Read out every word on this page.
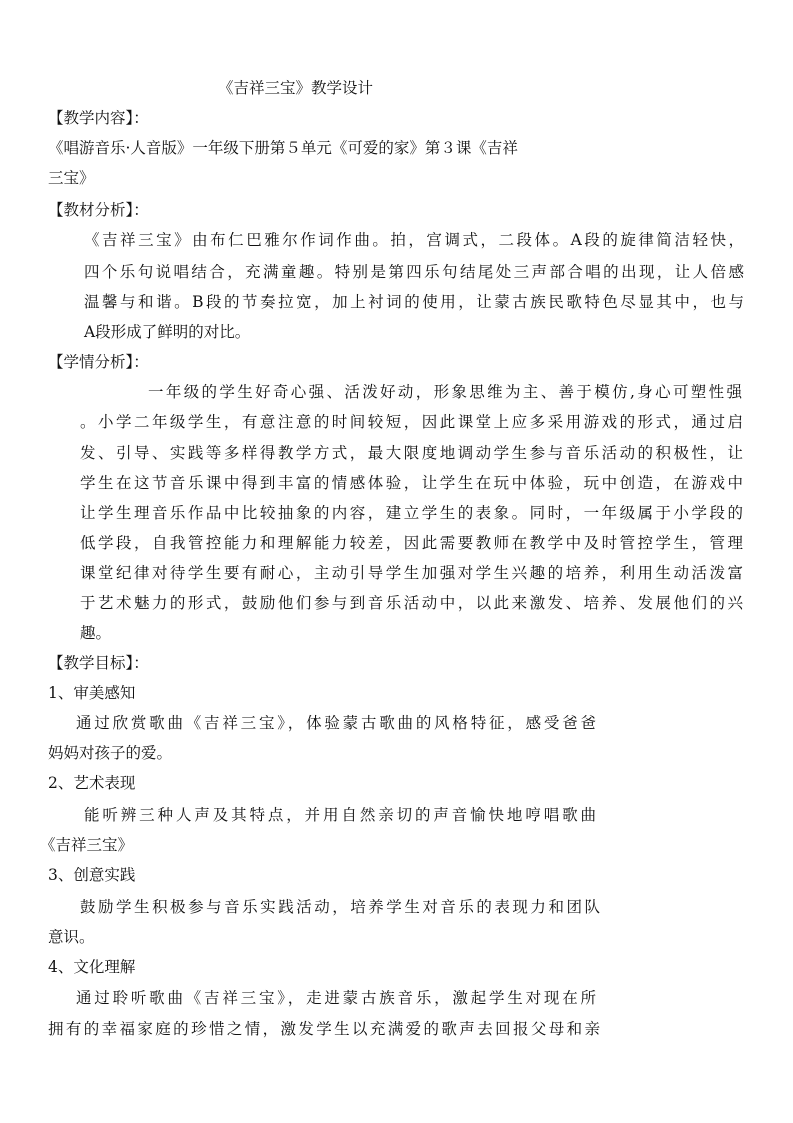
《吉祥三宝》教学设计
【教学内容】：
《唱游音乐·人音版》一年级下册第５单元《可爱的家》第３课《吉祥
三宝》
【教材分析】：
《吉祥三宝》由布仁巴雅尔作词作曲。拍，宫调式，二段体。A段的旋律简洁轻快，
四个乐句说唱结合，充满童趣。特别是第四乐句结尾处三声部合唱的出现，让人倍感
温馨与和谐。B段的节奏拉宽，加上衬词的使用，让蒙古族民歌特色尽显其中，也与
A段形成了鲜明的对比。
【学情分析】：
一年级的学生好奇心强、活泼好动，形象思维为主、善于模仿,身心可塑性强
。小学二年级学生，有意注意的时间较短，因此课堂上应多采用游戏的形式，通过启
发、引导、实践等多样得教学方式，最大限度地调动学生参与音乐活动的积极性，让
学生在这节音乐课中得到丰富的情感体验，让学生在玩中体验，玩中创造，在游戏中
让学生理音乐作品中比较抽象的内容，建立学生的表象。同时，一年级属于小学段的
低学段，自我管控能力和理解能力较差，因此需要教师在教学中及时管控学生，管理
课堂纪律对待学生要有耐心，主动引导学生加强对学生兴趣的培养，利用生动活泼富
于艺术魅力的形式，鼓励他们参与到音乐活动中，以此来激发、培养、发展他们的兴
趣。
【教学目标】：
1、审美感知
通过欣赏歌曲《吉祥三宝》，体验蒙古歌曲的风格特征，感受爸爸
妈妈对孩子的爱。
2、艺术表现
能听辨三种人声及其特点，并用自然亲切的声音愉快地哼唱歌曲
《吉祥三宝》
3、创意实践
鼓励学生积极参与音乐实践活动，培养学生对音乐的表现力和团队
意识。
4、文化理解
通过聆听歌曲《吉祥三宝》，走进蒙古族音乐，激起学生对现在所
拥有的幸福家庭的珍惜之情，激发学生以充满爱的歌声去回报父母和亲
